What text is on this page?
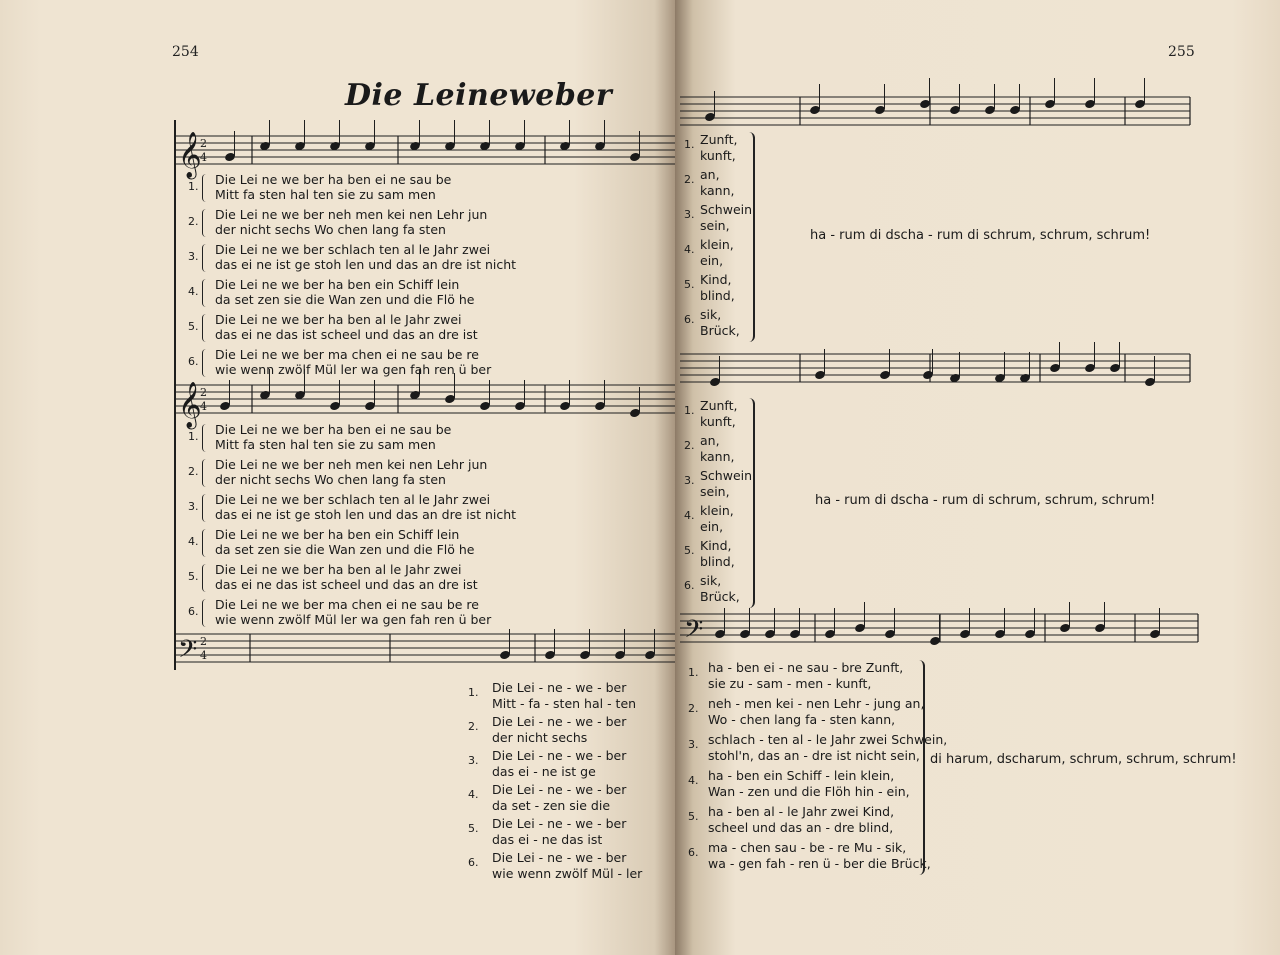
254
Die Leineweber
1. Die Lei ne we ber ha ben ei ne sau be
Mitt fa sten hal ten sie zu sam men
2. Die Lei ne we ber neh men kei nen Lehr jun
der nicht sechs Wo chen lang fa sten
3. Die Lei ne we ber schlach ten al le Jahr zwei
das ei ne ist ge stoh len und das an dre ist nicht
4. Die Lei ne we ber ha ben ein Schiff lein
da set zen sie die Wan zen und die Flö he
5. Die Lei ne we ber ha ben al le Jahr zwei
das ei ne das ist scheel und das an dre ist
6. Die Lei ne we ber ma chen ei ne sau be re
wie wenn zwölf Mül ler wa gen fah ren ü ber
1. Die Lei ne we ber ha ben ei ne sau be
Mitt fa sten hal ten sie zu sam men
2. Die Lei ne we ber neh men kei nen Lehr jun
der nicht sechs Wo chen lang fa sten
3. Die Lei ne we ber schlach ten al le Jahr zwei
das ei ne ist ge stoh len und das an dre ist nicht
4. Die Lei ne we ber ha ben ein Schiff lein
da set zen sie die Wan zen und die Flö he
5. Die Lei ne we ber ha ben al le Jahr zwei
das ei ne das ist scheel und das an dre ist
6. Die Lei ne we ber ma chen ei ne sau be re
wie wenn zwölf Mül ler wa gen fah ren ü ber
255
𝄞
2
4
𝄞
2
4
𝄢 2
4
𝄢
1. Zunft,
kunft,
2. an,
kann,
3. Schwein,
sein,
4. klein,
ein,
5. Kind,
blind,
6. sik,
Brück,
ha - rum di dscha - rum di schrum, schrum, schrum!
1. Zunft,
kunft,
2. an,
kann,
3. Schwein,
sein,
4. klein,
ein,
5. Kind,
blind,
6. sik,
Brück,
ha - rum di dscha - rum di schrum, schrum, schrum!
1. Die Lei - ne - we - ber
Mitt - fa - sten hal - ten
2. Die Lei - ne - we - ber
der nicht sechs
3. Die Lei - ne - we - ber
das ei - ne ist ge
4. Die Lei - ne - we - ber
da set - zen sie die
5. Die Lei - ne - we - ber
das ei - ne das ist
6. Die Lei - ne - we - ber
wie wenn zwölf Mül - ler
1. ha - ben ei - ne sau - bre Zunft,
sie zu - sam - men - kunft,
2. neh - men kei - nen Lehr - jung an,
Wo - chen lang fa - sten kann,
3. schlach - ten al - le Jahr zwei Schwein,
stohl'n, das an - dre ist nicht sein,
4. ha - ben ein Schiff - lein klein,
Wan - zen und die Flöh hin - ein,
5. ha - ben al - le Jahr zwei Kind,
scheel und das an - dre blind,
6. ma - chen sau - be - re Mu - sik,
wa - gen fah - ren ü - ber die Brück,
di harum, dscharum, schrum, schrum, schrum!
